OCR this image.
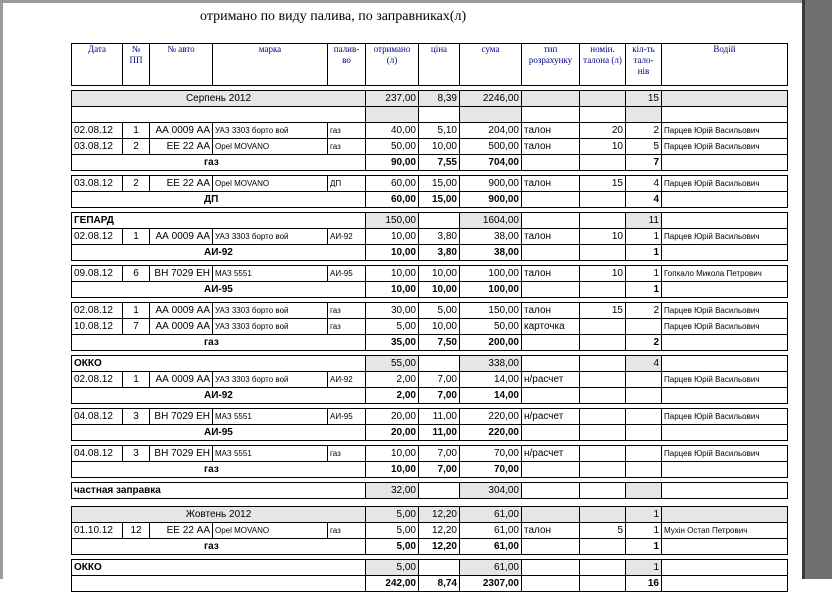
отримано по виду палива, по заправниках(л)
Дата	№ ПП	№ авто	марка	палив-во	отримано (л)	ціна	сума	тип розрахунку	номін. талона (л)	кіл-ть тало-нів	Водій

Серпень 2012					237,00	8,39	2246,00			15	

02.08.12	1	АА 0009 АА	УАЗ 3303 борто вой	газ	40,00	5,10	204,00	талон	20	2	Парцев Юрій Васильович
03.08.12	2	ЕЕ 22 АА	Opel MOVANO	газ	50,00	10,00	500,00	талон	10	5	Парцев Юрій Васильович
газ					90,00	7,55	704,00			7	

03.08.12	2	ЕЕ 22 АА	Opel MOVANO	ДП	60,00	15,00	900,00	талон	15	4	Парцев Юрій Васильович
ДП					60,00	15,00	900,00			4	

ГЕПАРД					150,00		1604,00			11	
02.08.12	1	АА 0009 АА	УАЗ 3303 борто вой	АИ-92	10,00	3,80	38,00	талон	10	1	Парцев Юрій Васильович
АИ-92					10,00	3,80	38,00			1	

09.08.12	6	ВН 7029 ЕН	МАЗ 5551	АИ-95	10,00	10,00	100,00	талон	10	1	Гопкало Микола Петрович
АИ-95					10,00	10,00	100,00			1	

02.08.12	1	АА 0009 АА	УАЗ 3303 борто вой	газ	30,00	5,00	150,00	талон	15	2	Парцев Юрій Васильович
10.08.12	7	АА 0009 АА	УАЗ 3303 борто вой	газ	5,00	10,00	50,00	карточка			Парцев Юрій Васильович
газ					35,00	7,50	200,00			2	

ОККО					55,00		338,00			4	
02.08.12	1	АА 0009 АА	УАЗ 3303 борто вой	АИ-92	2,00	7,00	14,00	н/расчет			Парцев Юрій Васильович
АИ-92					2,00	7,00	14,00				

04.08.12	3	ВН 7029 ЕН	МАЗ 5551	АИ-95	20,00	11,00	220,00	н/расчет			Парцев Юрій Васильович
АИ-95					20,00	11,00	220,00				

04.08.12	3	ВН 7029 ЕН	МАЗ 5551	газ	10,00	7,00	70,00	н/расчет			Парцев Юрій Васильович
газ					10,00	7,00	70,00				

частная заправка					32,00		304,00				

Жовтень 2012					5,00	12,20	61,00			1	
01.10.12	12	ЕЕ 22 АА	Opel MOVANO	газ	5,00	12,20	61,00	талон	5	1	Мухін Остап Петрович
газ					5,00	12,20	61,00			1	

ОККО					5,00		61,00			1	
					242,00	8,74	2307,00			16	
